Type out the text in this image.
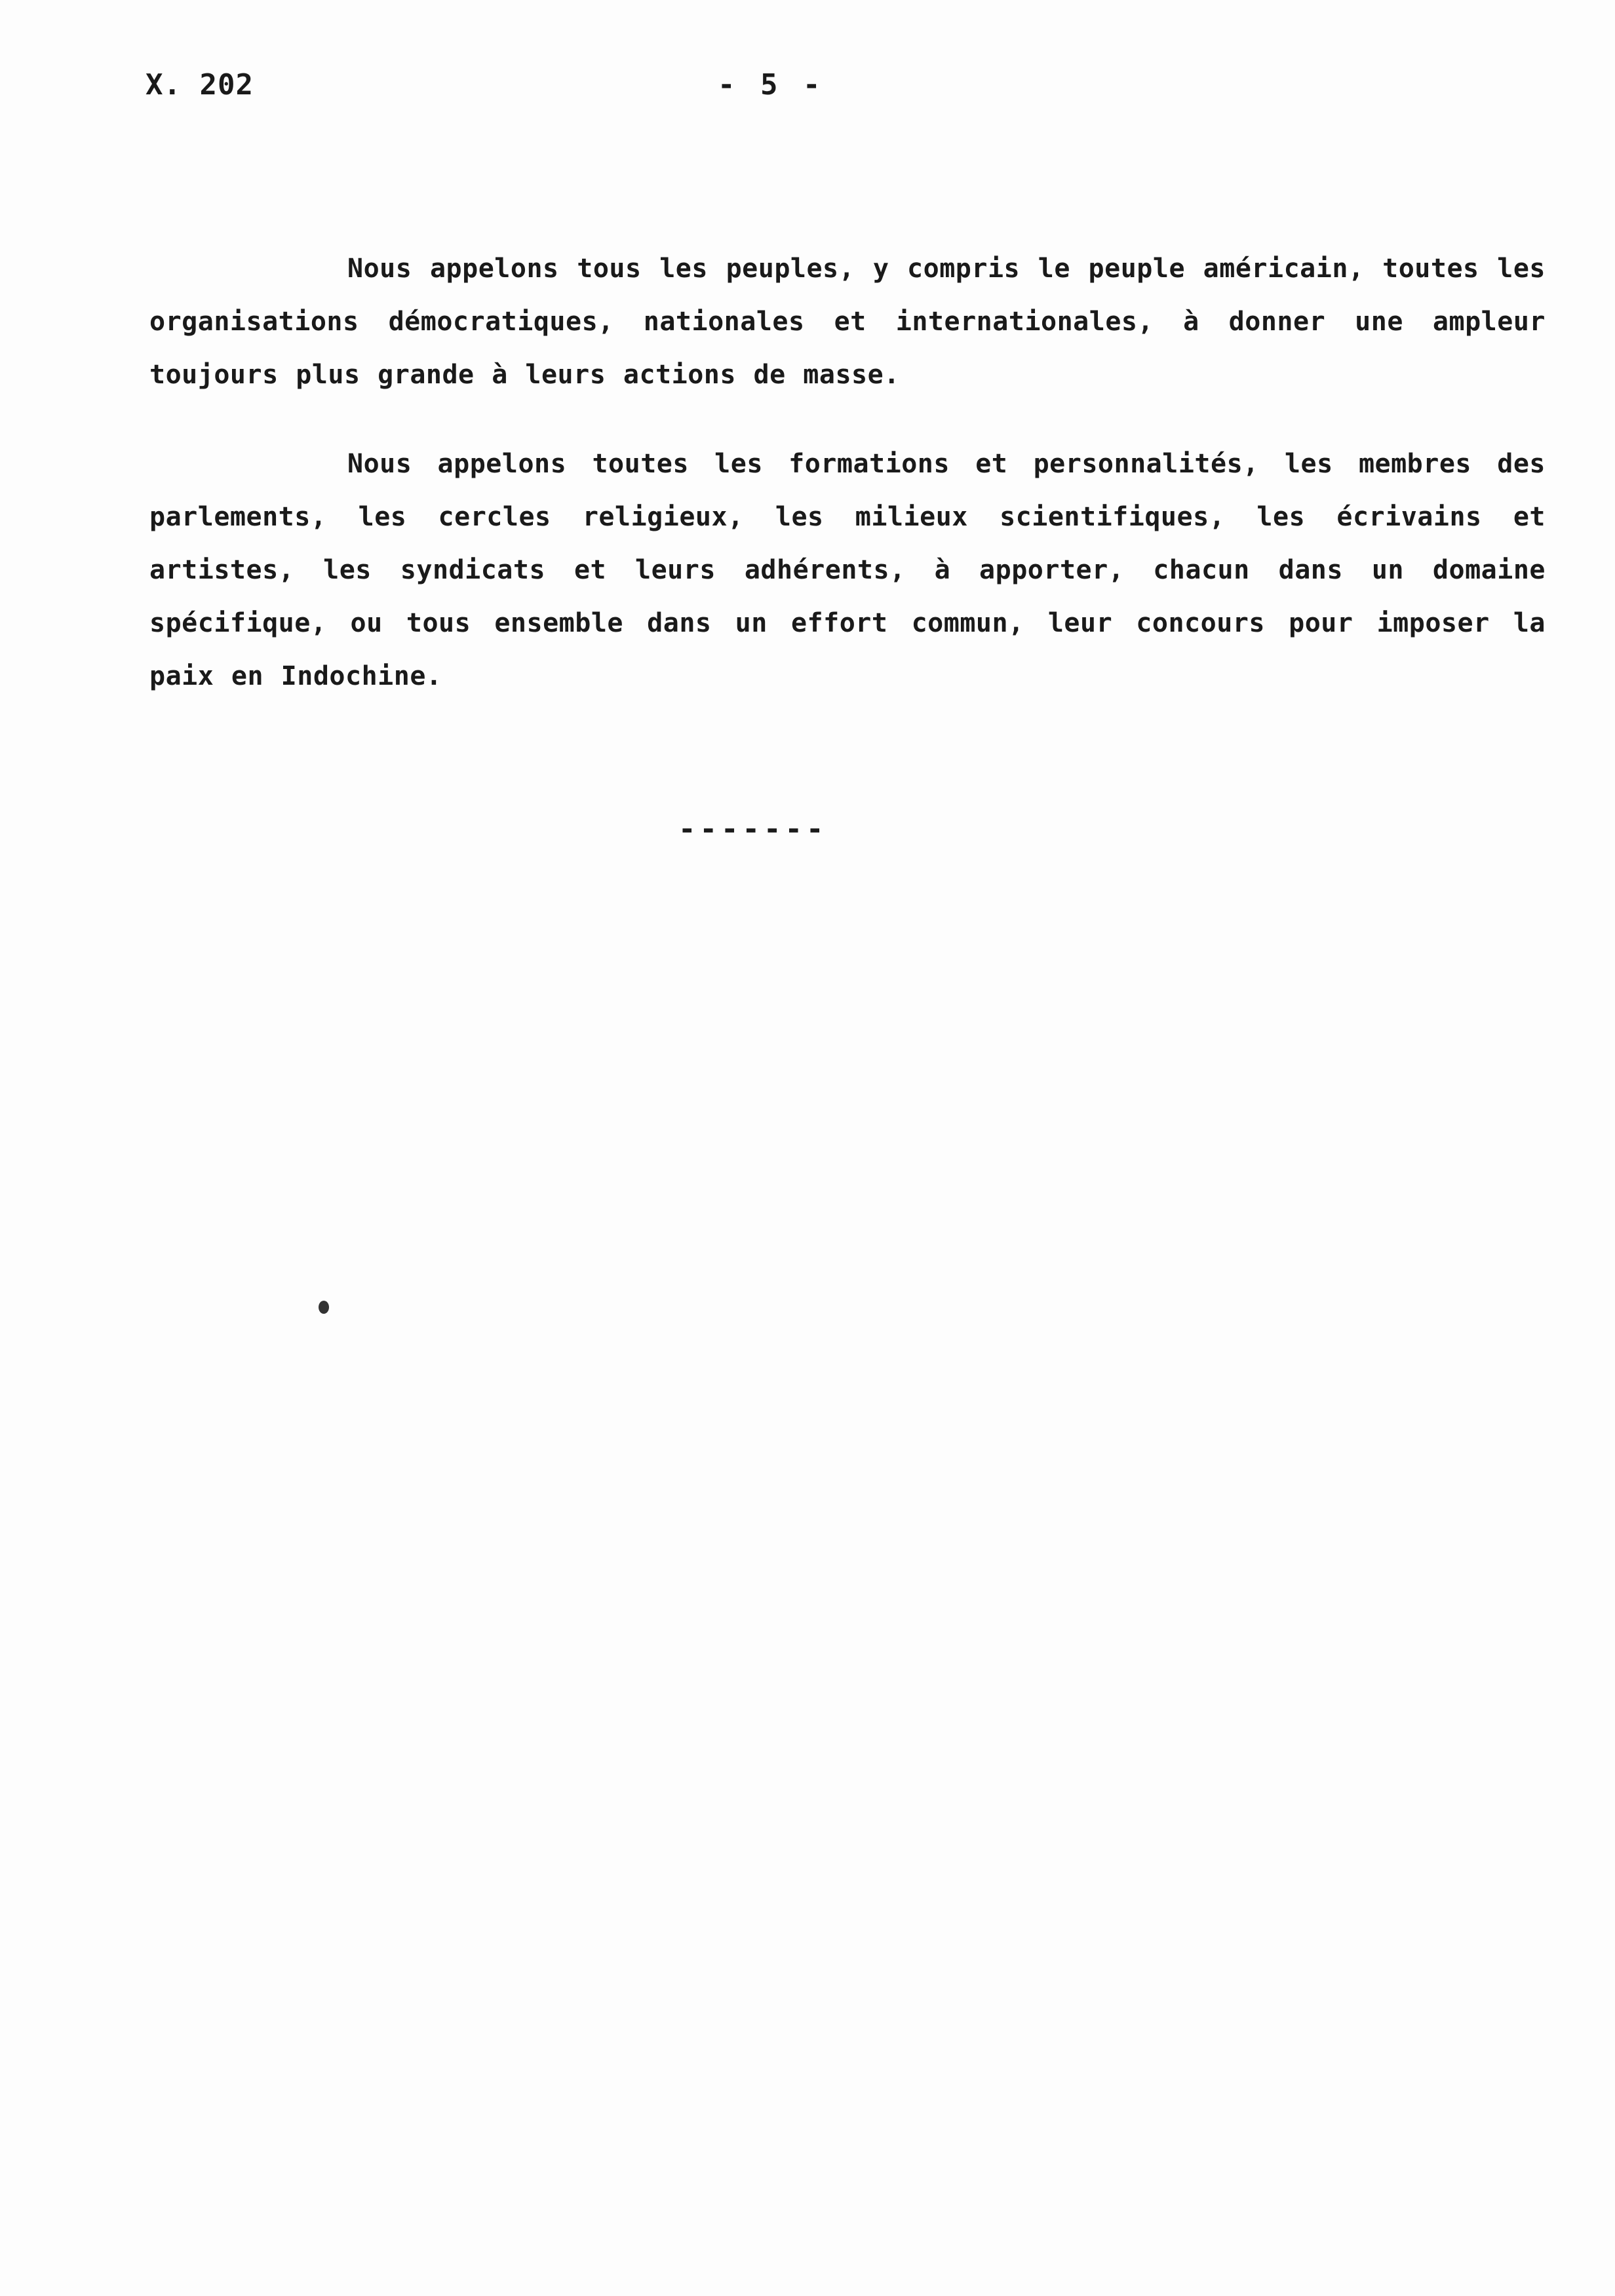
X. 202	- 5 -

Nous appelons tous les peuples, y compris le peuple américain, toutes les organisations démocratiques, nationales et internationales, à donner une ampleur toujours plus grande à leurs actions de masse.

Nous appelons toutes les formations et personnalités, les membres des parlements, les cercles religieux, les milieux scientifiques, les écrivains et artistes, les syndicats et leurs adhérents, à apporter, chacun dans un domaine spécifique, ou tous ensemble dans un effort commun, leur concours pour imposer la paix en Indochine.

-------
